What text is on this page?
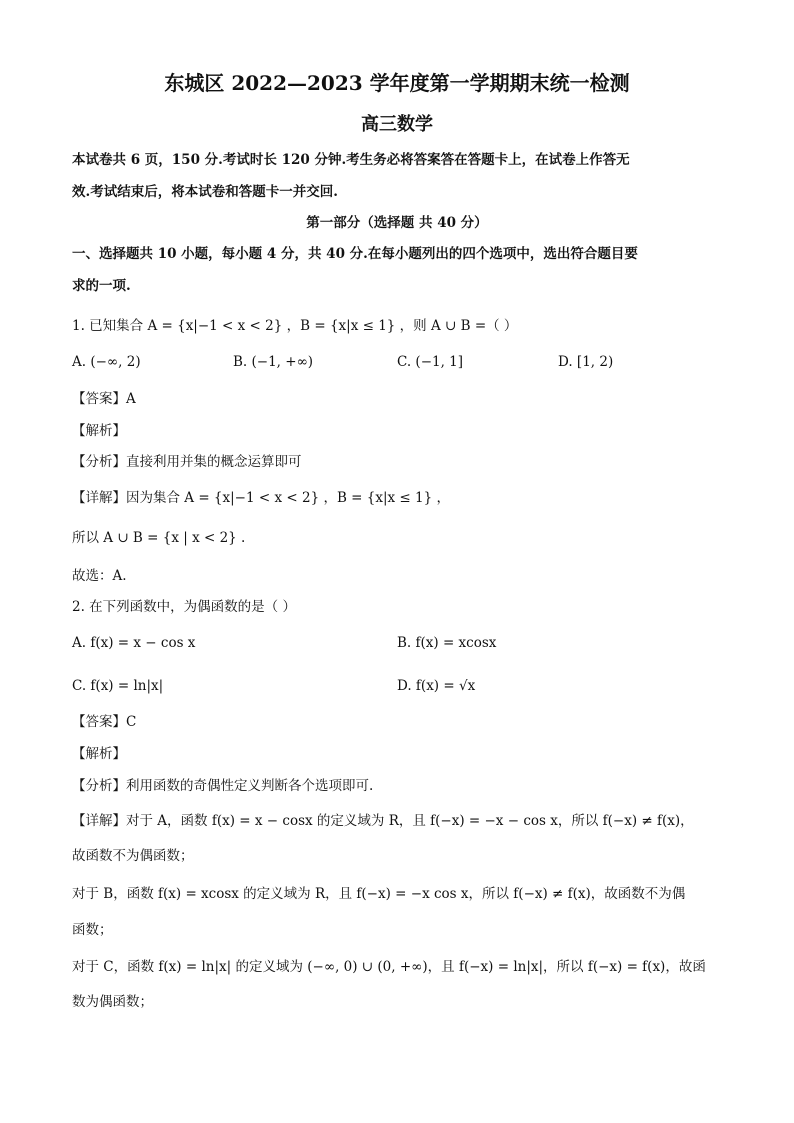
东城区 2022—2023 学年度第一学期期末统一检测
高三数学
本试卷共 6 页，150 分.考试时长 120 分钟.考生务必将答案答在答题卡上，在试卷上作答无
效.考试结束后，将本试卷和答题卡一并交回.
第一部分（选择题 共 40 分）
一、选择题共 10 小题，每小题 4 分，共 40 分.在每小题列出的四个选项中，选出符合题目要
求的一项.
1. 已知集合 A = {x|−1 < x < 2} ，B = {x|x ≤ 1} ，则 A ∪ B =（ ）
A. (−∞, 2)	B. (−1, +∞)	C. (−1, 1]	D. [1, 2)
【答案】A
【解析】
【分析】直接利用并集的概念运算即可
【详解】因为集合 A = {x|−1 < x < 2} ，B = {x|x ≤ 1} ，
所以 A ∪ B = {x | x < 2} .
故选：A.
2. 在下列函数中，为偶函数的是（ ）
A. f(x) = x − cos x	B. f(x) = xcosx
C. f(x) = ln|x|	D. f(x) = √x
【答案】C
【解析】
【分析】利用函数的奇偶性定义判断各个选项即可.
【详解】对于 A，函数 f(x) = x − cosx 的定义域为 R，且 f(−x) = −x − cos x，所以 f(−x) ≠ f(x)，
故函数不为偶函数；
对于 B，函数 f(x) = xcosx 的定义域为 R，且 f(−x) = −x cos x，所以 f(−x) ≠ f(x)，故函数不为偶
函数；
对于 C，函数 f(x) = ln|x| 的定义域为 (−∞, 0) ∪ (0, +∞)，且 f(−x) = ln|x|，所以 f(−x) = f(x)，故函
数为偶函数；
